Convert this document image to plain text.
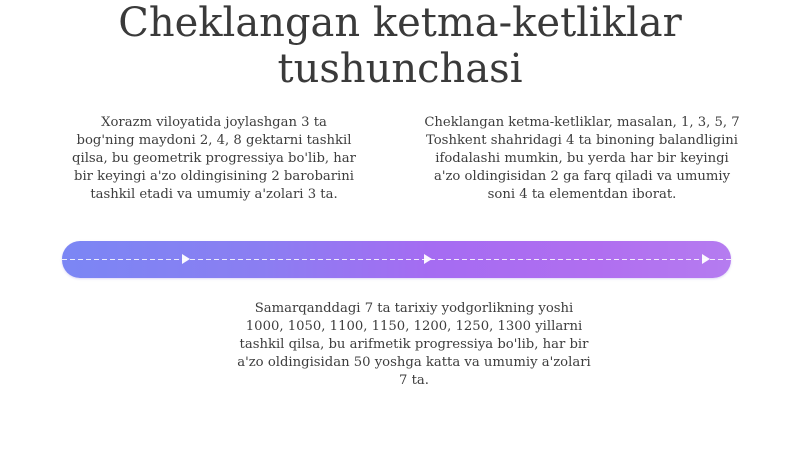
Cheklangan ketma-ketliklar
tushunchasi

Xorazm viloyatida joylashgan 3 ta bog'ning maydoni 2, 4, 8 gektarni tashkil qilsa, bu geometrik progressiya bo'lib, har bir keyingi a'zo oldingisining 2 barobarini tashkil etadi va umumiy a'zolari 3 ta.

Cheklangan ketma-ketliklar, masalan, 1, 3, 5, 7 Toshkent shahridagi 4 ta binoning balandligini ifodalashi mumkin, bu yerda har bir keyingi a'zo oldingisidan 2 ga farq qiladi va umumiy soni 4 ta elementdan iborat.

Samarqanddagi 7 ta tarixiy yodgorlikning yoshi 1000, 1050, 1100, 1150, 1200, 1250, 1300 yillarni tashkil qilsa, bu arifmetik progressiya bo'lib, har bir a'zo oldingisidan 50 yoshga katta va umumiy a'zolari 7 ta.
